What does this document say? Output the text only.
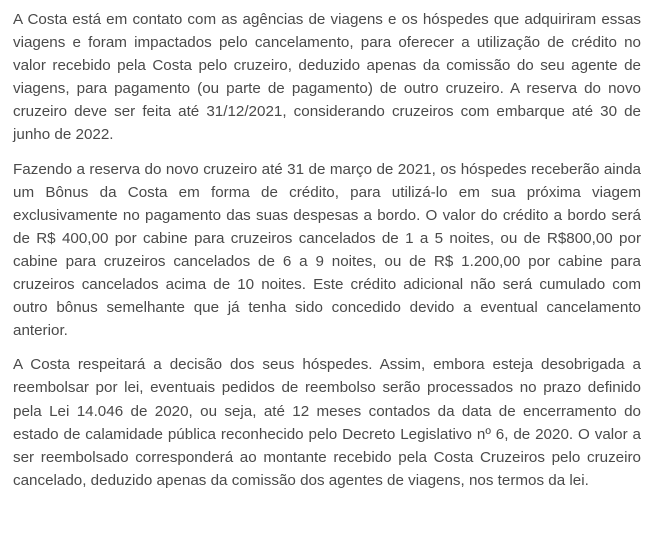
A Costa está em contato com as agências de viagens e os hóspedes que adquiriram essas viagens e foram impactados pelo cancelamento, para oferecer a utilização de crédito no valor recebido pela Costa pelo cruzeiro, deduzido apenas da comissão do seu agente de viagens, para pagamento (ou parte de pagamento) de outro cruzeiro. A reserva do novo cruzeiro deve ser feita até 31/12/2021, considerando cruzeiros com embarque até 30 de junho de 2022.

Fazendo a reserva do novo cruzeiro até 31 de março de 2021, os hóspedes receberão ainda um Bônus da Costa em forma de crédito, para utilizá-lo em sua próxima viagem exclusivamente no pagamento das suas despesas a bordo. O valor do crédito a bordo será de R$ 400,00 por cabine para cruzeiros cancelados de 1 a 5 noites, ou de R$800,00 por cabine para cruzeiros cancelados de 6 a 9 noites, ou de R$ 1.200,00 por cabine para cruzeiros cancelados acima de 10 noites. Este crédito adicional não será cumulado com outro bônus semelhante que já tenha sido concedido devido a eventual cancelamento anterior.

A Costa respeitará a decisão dos seus hóspedes. Assim, embora esteja desobrigada a reembolsar por lei, eventuais pedidos de reembolso serão processados no prazo definido pela Lei 14.046 de 2020, ou seja, até 12 meses contados da data de encerramento do estado de calamidade pública reconhecido pelo Decreto Legislativo nº 6, de 2020. O valor a ser reembolsado corresponderá ao montante recebido pela Costa Cruzeiros pelo cruzeiro cancelado, deduzido apenas da comissão dos agentes de viagens, nos termos da lei.
